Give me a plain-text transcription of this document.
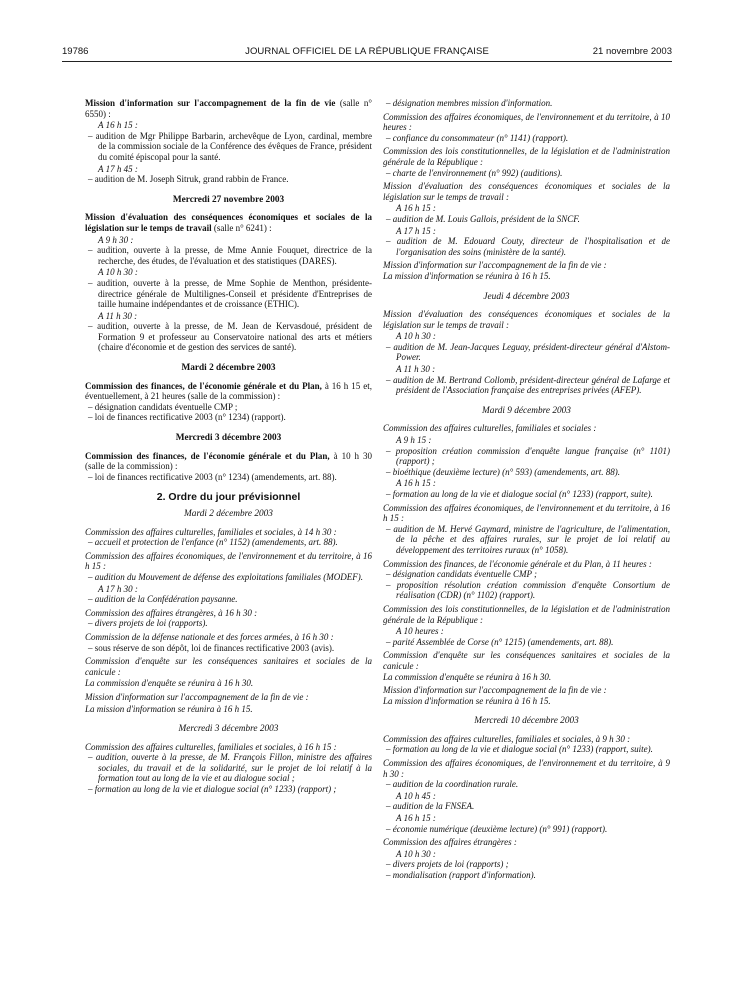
19786	JOURNAL OFFICIEL DE LA RÉPUBLIQUE FRANÇAISE	21 novembre 2003

Mission d'information sur l'accompagnement de la fin de vie (salle n° 6550) :

A 16 h 15 :

– audition de Mgr Philippe Barbarin, archevêque de Lyon, cardinal, membre de la commission sociale de la Conférence des évêques de France, président du comité épiscopal pour la santé.

A 17 h 45 :

– audition de M. Joseph Sitruk, grand rabbin de France.

Mercredi 27 novembre 2003

Mission d'évaluation des conséquences économiques et sociales de la législation sur le temps de travail (salle n° 6241) :

A 9 h 30 :

– audition, ouverte à la presse, de Mme Annie Fouquet, directrice de la recherche, des études, de l'évaluation et des statistiques (DARES).

A 10 h 30 :

– audition, ouverte à la presse, de Mme Sophie de Menthon, présidente-directrice générale de Multilignes-Conseil et présidente d'Entreprises de taille humaine indépendantes et de croissance (ETHIC).

A 11 h 30 :

– audition, ouverte à la presse, de M. Jean de Kervasdoué, président de Formation 9 et professeur au Conservatoire national des arts et métiers (chaire d'économie et de gestion des services de santé).

Mardi 2 décembre 2003

Commission des finances, de l'économie générale et du Plan, à 16 h 15 et, éventuellement, à 21 heures (salle de la commission) :

– désignation candidats éventuelle CMP ;

– loi de finances rectificative 2003 (n° 1234) (rapport).

Mercredi 3 décembre 2003

Commission des finances, de l'économie générale et du Plan, à 10 h 30 (salle de la commission) :

– loi de finances rectificative 2003 (n° 1234) (amendements, art. 88).

2. Ordre du jour prévisionnel

Mardi 2 décembre 2003

Commission des affaires culturelles, familiales et sociales, à 14 h 30 :

– accueil et protection de l'enfance (n° 1152) (amendements, art. 88).

Commission des affaires économiques, de l'environnement et du territoire, à 16 h 15 :

– audition du Mouvement de défense des exploitations familiales (MODEF).

A 17 h 30 :

– audition de la Confédération paysanne.

Commission des affaires étrangères, à 16 h 30 :

– divers projets de loi (rapports).

Commission de la défense nationale et des forces armées, à 16 h 30 :

– sous réserve de son dépôt, loi de finances rectificative 2003 (avis).

Commission d'enquête sur les conséquences sanitaires et sociales de la canicule :

La commission d'enquête se réunira à 16 h 30.

Mission d'information sur l'accompagnement de la fin de vie :

La mission d'information se réunira à 16 h 15.

Mercredi 3 décembre 2003

Commission des affaires culturelles, familiales et sociales, à 16 h 15 :

– audition, ouverte à la presse, de M. François Fillon, ministre des affaires sociales, du travail et de la solidarité, sur le projet de loi relatif à la formation tout au long de la vie et au dialogue social ;

– formation au long de la vie et dialogue social (n° 1233) (rapport) ;

– désignation membres mission d'information.

Commission des affaires économiques, de l'environnement et du territoire, à 10 heures :

– confiance du consommateur (n° 1141) (rapport).

Commission des lois constitutionnelles, de la législation et de l'administration générale de la République :

– charte de l'environnement (n° 992) (auditions).

Mission d'évaluation des conséquences économiques et sociales de la législation sur le temps de travail :

A 16 h 15 :

– audition de M. Louis Gallois, président de la SNCF.

A 17 h 15 :

– audition de M. Edouard Couty, directeur de l'hospitalisation et de l'organisation des soins (ministère de la santé).

Mission d'information sur l'accompagnement de la fin de vie :

La mission d'information se réunira à 16 h 15.

Jeudi 4 décembre 2003

Mission d'évaluation des conséquences économiques et sociales de la législation sur le temps de travail :

A 10 h 30 :

– audition de M. Jean-Jacques Leguay, président-directeur général d'Alstom-Power.

A 11 h 30 :

– audition de M. Bertrand Collomb, président-directeur général de Lafarge et président de l'Association française des entreprises privées (AFEP).

Mardi 9 décembre 2003

Commission des affaires culturelles, familiales et sociales :

A 9 h 15 :

– proposition création commission d'enquête langue française (n° 1101) (rapport) ;

– bioéthique (deuxième lecture) (n° 593) (amendements, art. 88).

A 16 h 15 :

– formation au long de la vie et dialogue social (n° 1233) (rapport, suite).

Commission des affaires économiques, de l'environnement et du territoire, à 16 h 15 :

– audition de M. Hervé Gaymard, ministre de l'agriculture, de l'alimentation, de la pêche et des affaires rurales, sur le projet de loi relatif au développement des territoires ruraux (n° 1058).

Commission des finances, de l'économie générale et du Plan, à 11 heures :

– désignation candidats éventuelle CMP ;

– proposition résolution création commission d'enquête Consortium de réalisation (CDR) (n° 1102) (rapport).

Commission des lois constitutionnelles, de la législation et de l'administration générale de la République :

A 10 heures :

– parité Assemblée de Corse (n° 1215) (amendements, art. 88).

Commission d'enquête sur les conséquences sanitaires et sociales de la canicule :

La commission d'enquête se réunira à 16 h 30.

Mission d'information sur l'accompagnement de la fin de vie :

La mission d'information se réunira à 16 h 15.

Mercredi 10 décembre 2003

Commission des affaires culturelles, familiales et sociales, à 9 h 30 :

– formation au long de la vie et dialogue social (n° 1233) (rapport, suite).

Commission des affaires économiques, de l'environnement et du territoire, à 9 h 30 :

– audition de la coordination rurale.

A 10 h 45 :

– audition de la FNSEA.

A 16 h 15 :

– économie numérique (deuxième lecture) (n° 991) (rapport).

Commission des affaires étrangères :

A 10 h 30 :

– divers projets de loi (rapports) ;

– mondialisation (rapport d'information).
